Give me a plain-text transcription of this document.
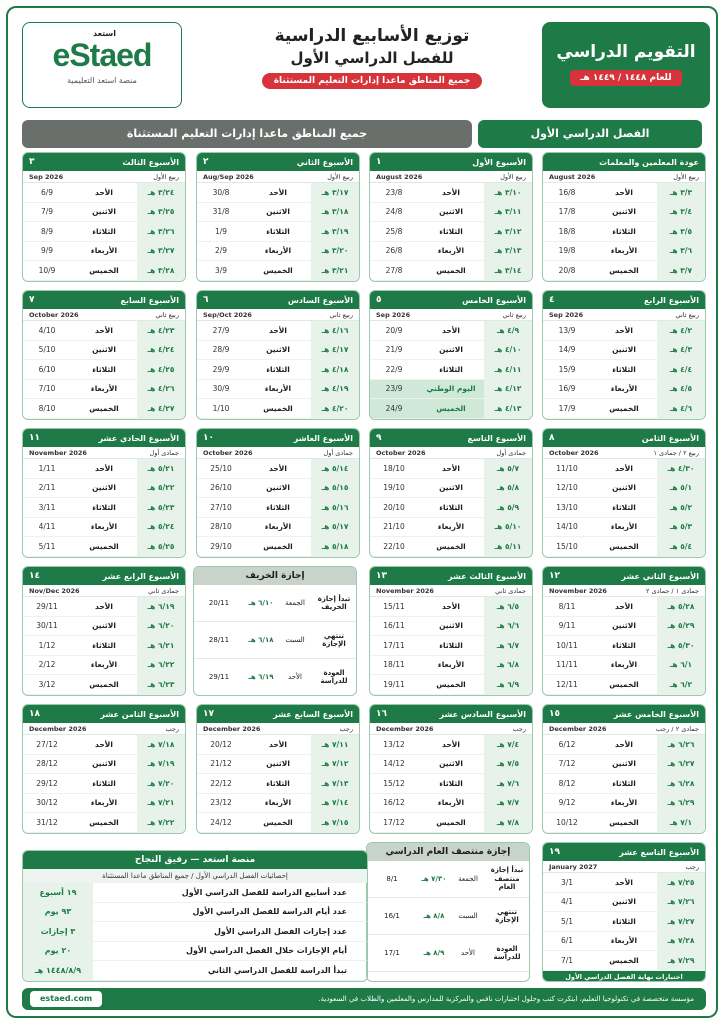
التقويم الدراسي
للعام ١٤٤٨ / ١٤٤٩ هـ
توزيع الأسابيع الدراسية
للفصل الدراسي الأول
جميع المناطق ماعدا إدارات التعليم المستثناة
استعد
eStaed
منصة استعد التعليمية
الفصل الدراسي الأول
جميع المناطق ماعدا إدارات التعليم المستثناة
إجازة الخريف
تبدأ إجازة الخريف
الجمعة
٦/١٠ هـ
20/11
تنتهي الإجازة
السبت
٦/١٨ هـ
28/11
العودة للدراسة
الأحد
٦/١٩ هـ
29/11
إجازة منتصف العام الدراسي
تبدأ إجازة منتصف العام
الجمعة
٧/٣٠ هـ
8/1
تنتهي الإجازة
السبت
٨/٨ هـ
16/1
العودة للدراسة
الأحد
٨/٩ هـ
17/1
منصة استعد — رفيق النجاح
إحصائيات الفصل الدراسي الأول / جميع المناطق ماعدا المستثناة
عدد أسابيع الدراسة للفصل الدراسي الأول
١٩ أسبوع
عدد أيام الدراسة للفصل الدراسي الأول
٩٣ يوم
عدد إجازات الفصل الدراسي الأول
٣ إجازات
أيام الإجازات خلال الفصل الدراسي الأول
٢٠ يوم
تبدأ الدراسة للفصل الدراسي الثاني
١٤٤٨/٨/٩ هـ
estaed.com	مؤسسة متخصصة في تكنولوجيا التعليم، ابتكرت كتب وحلول اختبارات نافس والمركزية للمدارس والمعلمين والطلاب في السعودية.
عودة المعلمين والمعلمات
ربيع الأول
August 2026
٣/٣ هـ
الأحد
16/8
٣/٤ هـ
الاثنين
17/8
٣/٥ هـ
الثلاثاء
18/8
٣/٦ هـ
الأربعاء
19/8
٣/٧ هـ
الخميس
20/8
الأسبوع الأول
١
ربيع الأول
August 2026
٣/١٠ هـ
الأحد
23/8
٣/١١ هـ
الاثنين
24/8
٣/١٢ هـ
الثلاثاء
25/8
٣/١٣ هـ
الأربعاء
26/8
٣/١٤ هـ
الخميس
27/8
الأسبوع الثاني
٢
ربيع الأول
Aug/Sep 2026
٣/١٧ هـ
الأحد
30/8
٣/١٨ هـ
الاثنين
31/8
٣/١٩ هـ
الثلاثاء
1/9
٣/٢٠ هـ
الأربعاء
2/9
٣/٢١ هـ
الخميس
3/9
الأسبوع الثالث
٣
ربيع الأول
Sep 2026
٣/٢٤ هـ
الأحد
6/9
٣/٢٥ هـ
الاثنين
7/9
٣/٢٦ هـ
الثلاثاء
8/9
٣/٢٧ هـ
الأربعاء
9/9
٣/٢٨ هـ
الخميس
10/9
الأسبوع الرابع
٤
ربيع ثاني
Sep 2026
٤/٢ هـ
الأحد
13/9
٤/٣ هـ
الاثنين
14/9
٤/٤ هـ
الثلاثاء
15/9
٤/٥ هـ
الأربعاء
16/9
٤/٦ هـ
الخميس
17/9
الأسبوع الخامس
٥
ربيع ثاني
Sep 2026
٤/٩ هـ
الأحد
20/9
٤/١٠ هـ
الاثنين
21/9
٤/١١ هـ
الثلاثاء
22/9
٤/١٢ هـ
اليوم الوطني
23/9
٤/١٣ هـ
الخميس
24/9
الأسبوع السادس
٦
ربيع ثاني
Sep/Oct 2026
٤/١٦ هـ
الأحد
27/9
٤/١٧ هـ
الاثنين
28/9
٤/١٨ هـ
الثلاثاء
29/9
٤/١٩ هـ
الأربعاء
30/9
٤/٢٠ هـ
الخميس
1/10
الأسبوع السابع
٧
ربيع ثاني
October 2026
٤/٢٣ هـ
الأحد
4/10
٤/٢٤ هـ
الاثنين
5/10
٤/٢٥ هـ
الثلاثاء
6/10
٤/٢٦ هـ
الأربعاء
7/10
٤/٢٧ هـ
الخميس
8/10
الأسبوع الثامن
٨
ربيع ٢ / جمادى ١
October 2026
٤/٣٠ هـ
الأحد
11/10
٥/١ هـ
الاثنين
12/10
٥/٢ هـ
الثلاثاء
13/10
٥/٣ هـ
الأربعاء
14/10
٥/٤ هـ
الخميس
15/10
الأسبوع التاسع
٩
جمادى أول
October 2026
٥/٧ هـ
الأحد
18/10
٥/٨ هـ
الاثنين
19/10
٥/٩ هـ
الثلاثاء
20/10
٥/١٠ هـ
الأربعاء
21/10
٥/١١ هـ
الخميس
22/10
الأسبوع العاشر
١٠
جمادى أول
October 2026
٥/١٤ هـ
الأحد
25/10
٥/١٥ هـ
الاثنين
26/10
٥/١٦ هـ
الثلاثاء
27/10
٥/١٧ هـ
الأربعاء
28/10
٥/١٨ هـ
الخميس
29/10
الأسبوع الحادي عشر
١١
جمادى أول
November 2026
٥/٢١ هـ
الأحد
1/11
٥/٢٢ هـ
الاثنين
2/11
٥/٢٣ هـ
الثلاثاء
3/11
٥/٢٤ هـ
الأربعاء
4/11
٥/٢٥ هـ
الخميس
5/11
الأسبوع الثاني عشر
١٢
جمادى ١ / جمادى ٢
November 2026
٥/٢٨ هـ
الأحد
8/11
٥/٢٩ هـ
الاثنين
9/11
٥/٣٠ هـ
الثلاثاء
10/11
٦/١ هـ
الأربعاء
11/11
٦/٢ هـ
الخميس
12/11
الأسبوع الثالث عشر
١٣
جمادى ثاني
November 2026
٦/٥ هـ
الأحد
15/11
٦/٦ هـ
الاثنين
16/11
٦/٧ هـ
الثلاثاء
17/11
٦/٨ هـ
الأربعاء
18/11
٦/٩ هـ
الخميس
19/11
الأسبوع الرابع عشر
١٤
جمادى ثاني
Nov/Dec 2026
٦/١٩ هـ
الأحد
29/11
٦/٢٠ هـ
الاثنين
30/11
٦/٢١ هـ
الثلاثاء
1/12
٦/٢٢ هـ
الأربعاء
2/12
٦/٢٣ هـ
الخميس
3/12
الأسبوع الخامس عشر
١٥
جمادى ٢ / رجب
December 2026
٦/٢٦ هـ
الأحد
6/12
٦/٢٧ هـ
الاثنين
7/12
٦/٢٨ هـ
الثلاثاء
8/12
٦/٢٩ هـ
الأربعاء
9/12
٧/١ هـ
الخميس
10/12
الأسبوع السادس عشر
١٦
رجب
December 2026
٧/٤ هـ
الأحد
13/12
٧/٥ هـ
الاثنين
14/12
٧/٦ هـ
الثلاثاء
15/12
٧/٧ هـ
الأربعاء
16/12
٧/٨ هـ
الخميس
17/12
الأسبوع السابع عشر
١٧
رجب
December 2026
٧/١١ هـ
الأحد
20/12
٧/١٢ هـ
الاثنين
21/12
٧/١٣ هـ
الثلاثاء
22/12
٧/١٤ هـ
الأربعاء
23/12
٧/١٥ هـ
الخميس
24/12
الأسبوع الثامن عشر
١٨
رجب
December 2026
٧/١٨ هـ
الأحد
27/12
٧/١٩ هـ
الاثنين
28/12
٧/٢٠ هـ
الثلاثاء
29/12
٧/٢١ هـ
الأربعاء
30/12
٧/٢٢ هـ
الخميس
31/12
الأسبوع التاسع عشر
١٩
رجب
January 2027
٧/٢٥ هـ
الأحد
3/1
٧/٢٦ هـ
الاثنين
4/1
٧/٢٧ هـ
الثلاثاء
5/1
٧/٢٨ هـ
الأربعاء
6/1
٧/٢٩ هـ
الخميس
7/1
اختبارات نهاية الفصل الدراسي الأول
